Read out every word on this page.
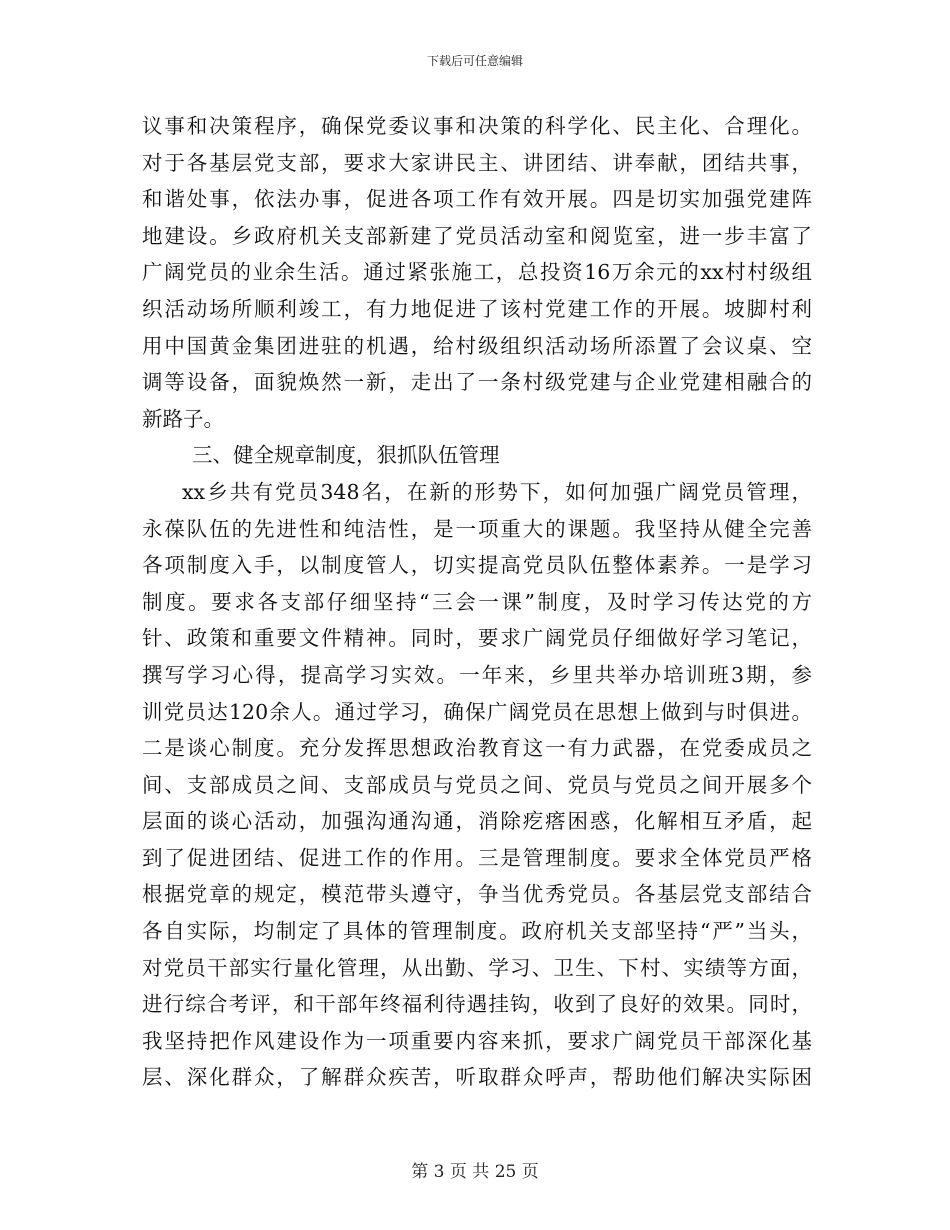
下载后可任意编辑
议事和决策程序，确保党委议事和决策的科学化、民主化、合理化。
对于各基层党支部，要求大家讲民主、讲团结、讲奉献，团结共事，
和谐处事，依法办事，促进各项工作有效开展。四是切实加强党建阵
地建设。乡政府机关支部新建了党员活动室和阅览室，进一步丰富了
广阔党员的业余生活。通过紧张施工，总投资16万余元的xx村村级组
织活动场所顺利竣工，有力地促进了该村党建工作的开展。坡脚村利
用中国黄金集团进驻的机遇，给村级组织活动场所添置了会议桌、空
调等设备，面貌焕然一新，走出了一条村级党建与企业党建相融合的
新路子。
三、健全规章制度，狠抓队伍管理
xx乡共有党员348名，在新的形势下，如何加强广阔党员管理，
永葆队伍的先进性和纯洁性，是一项重大的课题。我坚持从健全完善
各项制度入手，以制度管人，切实提高党员队伍整体素养。一是学习
制度。要求各支部仔细坚持“三会一课”制度，及时学习传达党的方
针、政策和重要文件精神。同时，要求广阔党员仔细做好学习笔记，
撰写学习心得，提高学习实效。一年来，乡里共举办培训班3期，参
训党员达120余人。通过学习，确保广阔党员在思想上做到与时俱进。
二是谈心制度。充分发挥思想政治教育这一有力武器，在党委成员之
间、支部成员之间、支部成员与党员之间、党员与党员之间开展多个
层面的谈心活动，加强沟通沟通，消除疙瘩困惑，化解相互矛盾，起
到了促进团结、促进工作的作用。三是管理制度。要求全体党员严格
根据党章的规定，模范带头遵守，争当优秀党员。各基层党支部结合
各自实际，均制定了具体的管理制度。政府机关支部坚持“严”当头，
对党员干部实行量化管理，从出勤、学习、卫生、下村、实绩等方面，
进行综合考评，和干部年终福利待遇挂钩，收到了良好的效果。同时，
我坚持把作风建设作为一项重要内容来抓，要求广阔党员干部深化基
层、深化群众，了解群众疾苦，听取群众呼声，帮助他们解决实际困
第 3 页 共 25 页
